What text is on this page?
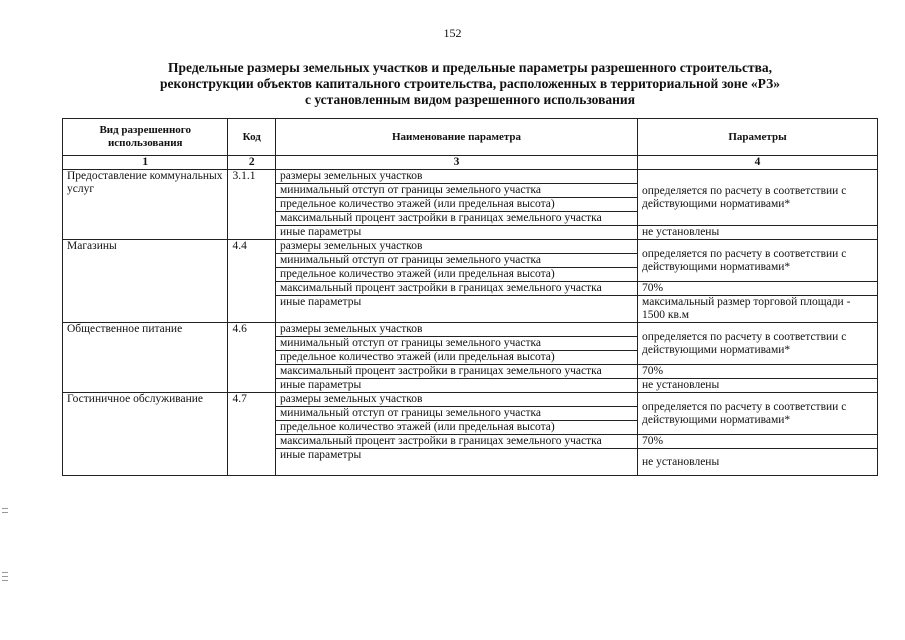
152
Предельные размеры земельных участков и предельные параметры разрешенного строительства,
реконструкции объектов капитального строительства, расположенных в территориальной зоне «РЗ»
с установленным видом разрешенного использования
Вид разрешенного использования	Код	Наименование параметра	Параметры
1	2	3	4
Предоставление коммунальных услуг	3.1.1	размеры земельных участков	определяется по расчету в соответствии с действующими нормативами*
		минимальный отступ от границы земельного участка	
		предельное количество этажей (или предельная высота)	
		максимальный процент застройки в границах земельного участка	
		иные параметры	не установлены
Магазины	4.4	размеры земельных участков	определяется по расчету в соответствии с действующими нормативами*
		минимальный отступ от границы земельного участка	
		предельное количество этажей (или предельная высота)	
		максимальный процент застройки в границах земельного участка	70%
		иные параметры	максимальный размер торговой площади - 1500 кв.м
Общественное питание	4.6	размеры земельных участков	определяется по расчету в соответствии с действующими нормативами*
		минимальный отступ от границы земельного участка	
		предельное количество этажей (или предельная высота)	
		максимальный процент застройки в границах земельного участка	70%
		иные параметры	не установлены
Гостиничное обслуживание	4.7	размеры земельных участков	определяется по расчету в соответствии с действующими нормативами*
		минимальный отступ от границы земельного участка	
		предельное количество этажей (или предельная высота)	
		максимальный процент застройки в границах земельного участка	70%
		иные параметры	не установлены
